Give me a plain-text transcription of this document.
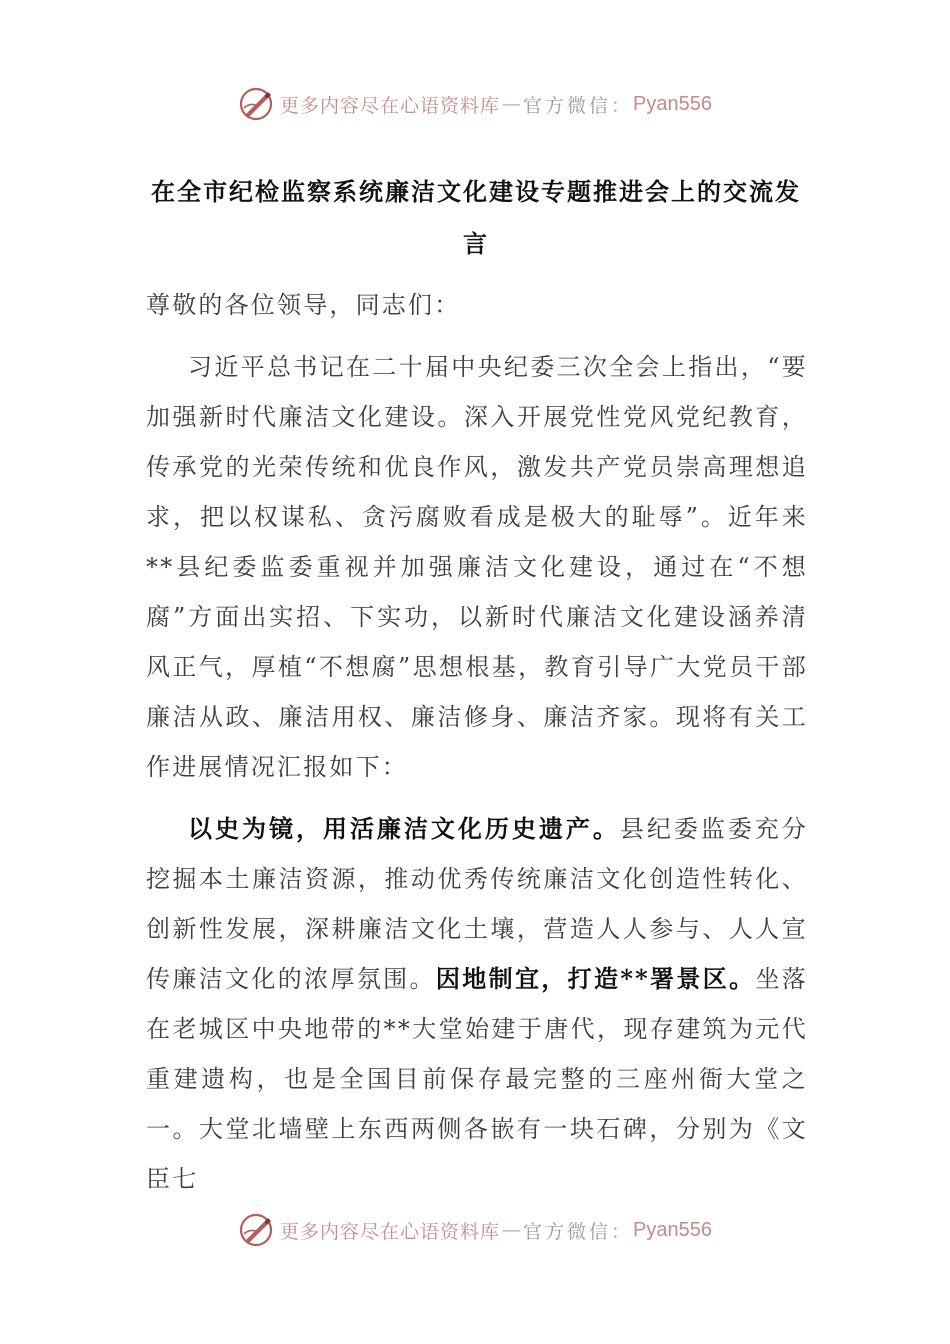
更多内容尽在心语资料库 — 官方微信： Pyan556
在全市纪检监察系统廉洁文化建设专题推进会上的交流发言

尊敬的各位领导，同志们：

习近平总书记在二十届中央纪委三次全会上指出，“要加强新时代廉洁文化建设。深入开展党性党风党纪教育，传承党的光荣传统和优良作风，激发共产党员崇高理想追求，把以权谋私、贪污腐败看成是极大的耻辱”。近年来**县纪委监委重视并加强廉洁文化建设，通过在“不想腐”方面出实招、下实功，以新时代廉洁文化建设涵养清风正气，厚植“不想腐”思想根基，教育引导广大党员干部廉洁从政、廉洁用权、廉洁修身、廉洁齐家。现将有关工作进展情况汇报如下：

以史为镜，用活廉洁文化历史遗产。县纪委监委充分挖掘本土廉洁资源，推动优秀传统廉洁文化创造性转化、创新性发展，深耕廉洁文化土壤，营造人人参与、人人宣传廉洁文化的浓厚氛围。因地制宜，打造**署景区。坐落在老城区中央地带的**大堂始建于唐代，现存建筑为元代重建遗构，也是全国目前保存最完整的三座州衙大堂之一。大堂北墙壁上东西两侧各嵌有一块石碑，分别为《文臣七

更多内容尽在心语资料库 — 官方微信： Pyan556
